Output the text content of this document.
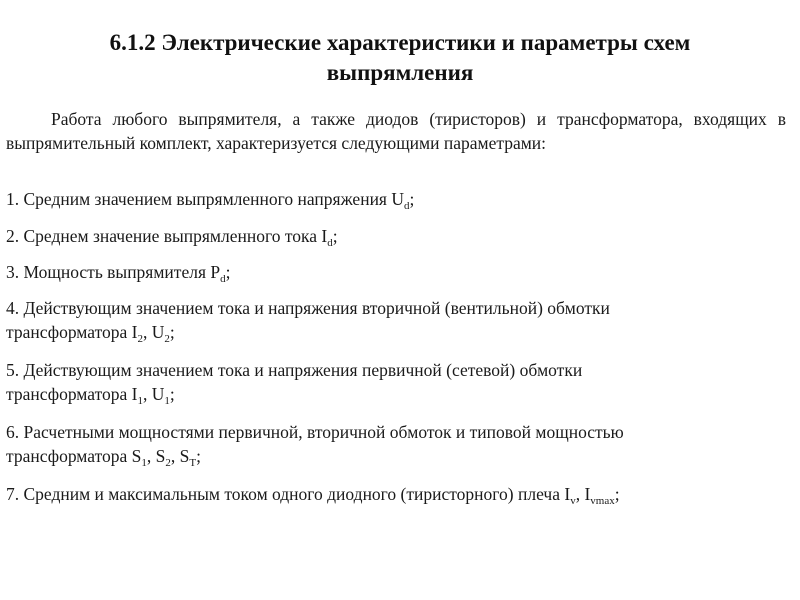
6.1.2 Электрические характеристики и параметры схем
выпрямления

Работа любого выпрямителя, а также диодов (тиристоров) и трансформатора, входящих в выпрямительный комплект, характеризуется следующими параметрами:

1. Средним значением выпрямленного напряжения $U_d$;
2. Среднем значение выпрямленного тока $I_d$;
3. Мощность выпрямителя $P_d$;
4. Действующим значением тока и напряжения вторичной (вентильной) обмотки
трансформатора $I_2$, $U_2$;
5. Действующим значением тока и напряжения первичной (сетевой) обмотки
трансформатора $I_1$, $U_1$;
6. Расчетными мощностями первичной, вторичной обмоток и типовой мощностью
трансформатора $S_1$, $S_2$, $S_T$;
7. Средним и максимальным током одного диодного (тиристорного) плеча $I_v$, $I_{vmax}$;
